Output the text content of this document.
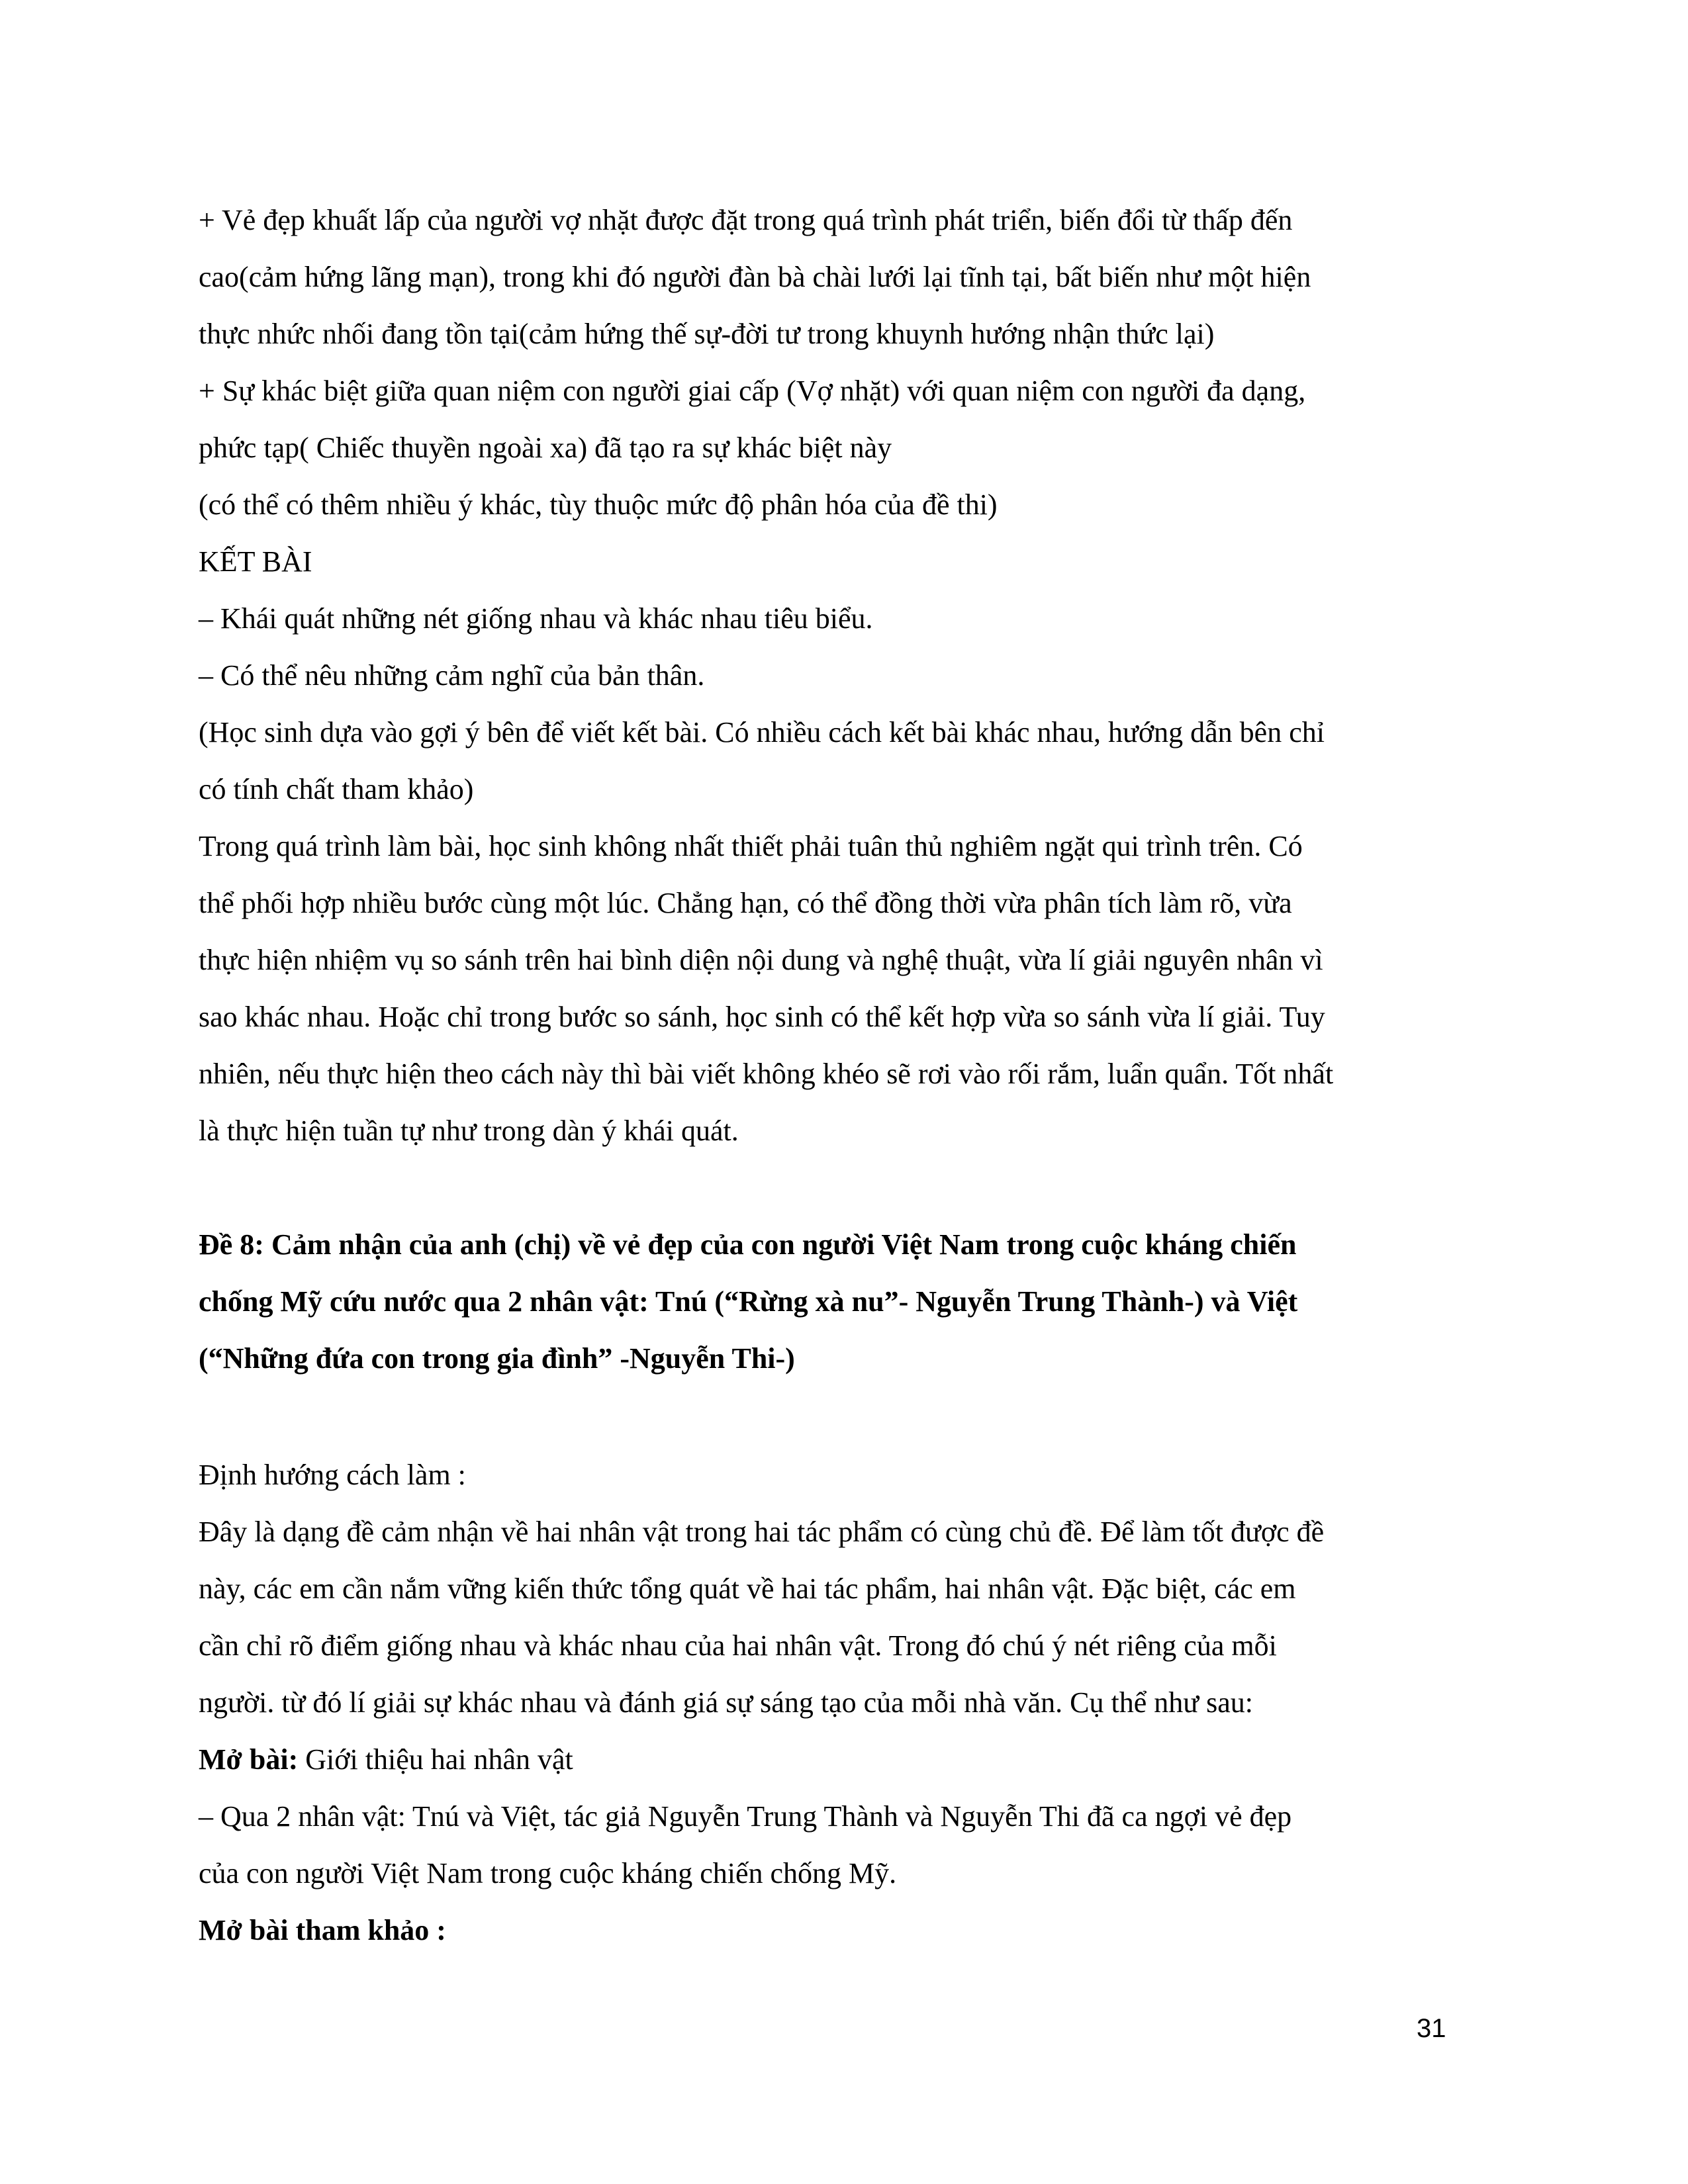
+ Vẻ đẹp khuất lấp của người vợ nhặt được đặt trong quá trình phát triển, biến đổi từ thấp đến
cao(cảm hứng lãng mạn), trong khi đó người đàn bà chài lưới lại tĩnh tại, bất biến như một hiện
thực nhức nhối đang tồn tại(cảm hứng thế sự-đời tư trong khuynh hướng nhận thức lại)
+ Sự khác biệt giữa quan niệm con người giai cấp (Vợ nhặt) với quan niệm con người đa dạng,
phức tạp( Chiếc thuyền ngoài xa) đã tạo ra sự khác biệt này
(có thể có thêm nhiều ý khác, tùy thuộc mức độ phân hóa của đề thi)
KẾT BÀI
– Khái quát những nét giống nhau và khác nhau tiêu biểu.
– Có thể nêu những cảm nghĩ của bản thân.
(Học sinh dựa vào gợi ý bên để viết kết bài. Có nhiều cách kết bài khác nhau, hướng dẫn bên chỉ
có tính chất tham khảo)
Trong quá trình làm bài, học sinh không nhất thiết phải tuân thủ nghiêm ngặt qui trình trên. Có
thể phối hợp nhiều bước cùng một lúc. Chẳng hạn, có thể đồng thời vừa phân tích làm rõ, vừa
thực hiện nhiệm vụ so sánh trên hai bình diện nội dung và nghệ thuật, vừa lí giải nguyên nhân vì
sao khác nhau. Hoặc chỉ trong bước so sánh, học sinh có thể kết hợp vừa so sánh vừa lí giải. Tuy
nhiên, nếu thực hiện theo cách này thì bài viết không khéo sẽ rơi vào rối rắm, luẩn quẩn. Tốt nhất
là thực hiện tuần tự như trong dàn ý khái quát.
Đề 8: Cảm nhận của anh (chị) về vẻ đẹp của con người Việt Nam trong cuộc kháng chiến
chống Mỹ cứu nước qua 2 nhân vật: Tnú (“Rừng xà nu”- Nguyễn Trung Thành-) và Việt
(“Những đứa con trong gia đình” -Nguyễn Thi-)
Định hướng cách làm :
Đây là dạng đề cảm nhận về hai nhân vật trong hai tác phẩm có cùng chủ đề. Để làm tốt được đề
này, các em cần nắm vững kiến thức tổng quát về hai tác phẩm, hai nhân vật. Đặc biệt, các em
cần chỉ rõ điểm giống nhau và khác nhau của hai nhân vật. Trong đó chú ý nét riêng của mỗi
người. từ đó lí giải sự khác nhau và đánh giá sự sáng tạo của mỗi nhà văn. Cụ thể như sau:
Mở bài: Giới thiệu hai nhân vật
– Qua 2 nhân vật: Tnú và Việt, tác giả Nguyễn Trung Thành và Nguyễn Thi đã ca ngợi vẻ đẹp
của con người Việt Nam trong cuộc kháng chiến chống Mỹ.
Mở bài tham khảo :
31
